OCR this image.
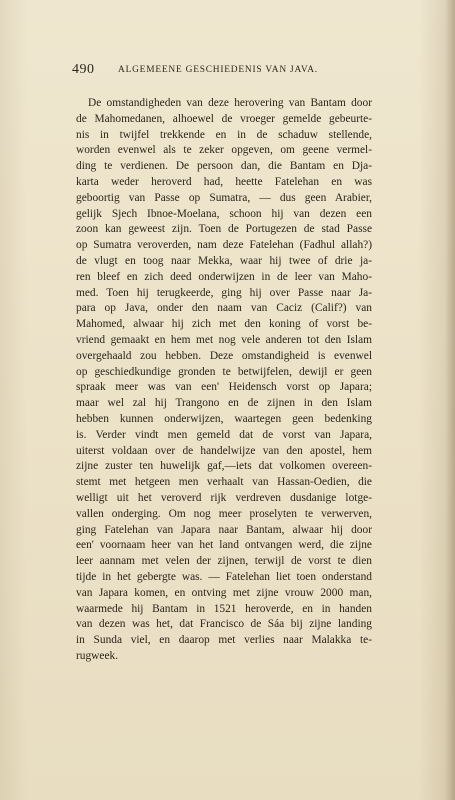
490	ALGEMEENE GESCHIEDENIS VAN JAVA.
De omstandigheden van deze herovering van Bantam door
de Mahomedanen, alhoewel de vroeger gemelde gebeurte-
nis in twijfel trekkende en in de schaduw stellende,
worden evenwel als te zeker opgeven, om geene vermel-
ding te verdienen. De persoon dan, die Bantam en Dja-
karta weder heroverd had, heette Fatelehan en was
geboortig van Passe op Sumatra, — dus geen Arabier,
gelijk Sjech Ibnoe-Moelana, schoon hij van dezen een
zoon kan geweest zijn. Toen de Portugezen de stad Passe
op Sumatra veroverden, nam deze Fatelehan (Fadhul allah?)
de vlugt en toog naar Mekka, waar hij twee of drie ja-
ren bleef en zich deed onderwijzen in de leer van Maho-
med. Toen hij terugkeerde, ging hij over Passe naar Ja-
para op Java, onder den naam van Caciz (Calif?) van
Mahomed, alwaar hij zich met den koning of vorst be-
vriend gemaakt en hem met nog vele anderen tot den Islam
overgehaald zou hebben. Deze omstandigheid is evenwel
op geschiedkundige gronden te betwijfelen, dewijl er geen
spraak meer was van een' Heidensch vorst op Japara;
maar wel zal hij Trangono en de zijnen in den Islam
hebben kunnen onderwijzen, waartegen geen bedenking
is. Verder vindt men gemeld dat de vorst van Japara,
uiterst voldaan over de handelwijze van den apostel, hem
zijne zuster ten huwelijk gaf,—iets dat volkomen overeen-
stemt met hetgeen men verhaalt van Hassan-Oedien, die
welligt uit het veroverd rijk verdreven dusdanige lotge-
vallen onderging. Om nog meer proselyten te verwerven,
ging Fatelehan van Japara naar Bantam, alwaar hij door
een' voornaam heer van het land ontvangen werd, die zijne
leer aannam met velen der zijnen, terwijl de vorst te dien
tijde in het gebergte was. — Fatelehan liet toen onderstand
van Japara komen, en ontving met zijne vrouw 2000 man,
waarmede hij Bantam in 1521 heroverde, en in handen
van dezen was het, dat Francisco de Sáa bij zijne landing
in Sunda viel, en daarop met verlies naar Malakka te-
rugweek.
